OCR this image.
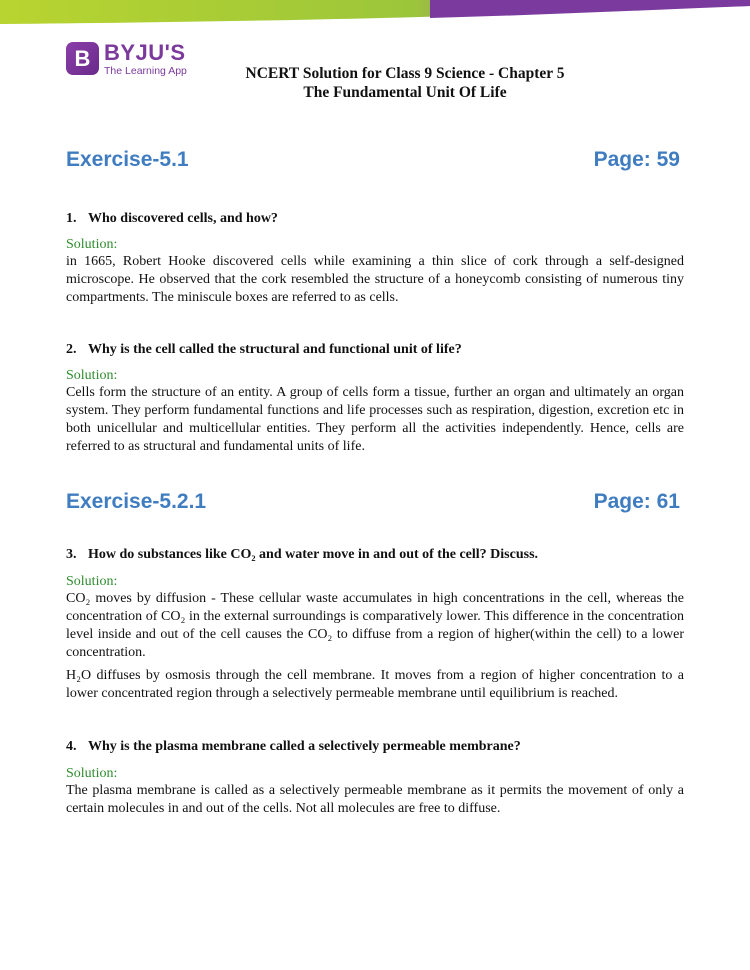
B BYJU'S
The Learning App	NCERT Solution for Class 9 Science - Chapter 5
The Fundamental Unit Of Life
Exercise-5.1	Page: 59
1. Who discovered cells, and how?
Solution:
in 1665, Robert Hooke discovered cells while examining a thin slice of cork through a self-designed microscope. He observed that the cork resembled the structure of a honeycomb consisting of numerous tiny compartments. The miniscule boxes are referred to as cells.
2. Why is the cell called the structural and functional unit of life?
Solution:
Cells form the structure of an entity. A group of cells form a tissue, further an organ and ultimately an organ system. They perform fundamental functions and life processes such as respiration, digestion, excretion etc in both unicellular and multicellular entities. They perform all the activities independently. Hence, cells are referred to as structural and fundamental units of life.
Exercise-5.2.1	Page: 61
3. How do substances like CO₂ and water move in and out of the cell? Discuss.
Solution:
CO₂ moves by diffusion - These cellular waste accumulates in high concentrations in the cell, whereas the concentration of CO₂ in the external surroundings is comparatively lower. This difference in the concentration level inside and out of the cell causes the CO₂ to diffuse from a region of higher(within the cell) to a lower concentration.
H₂O diffuses by osmosis through the cell membrane. It moves from a region of higher concentration to a lower concentrated region through a selectively permeable membrane until equilibrium is reached.
4. Why is the plasma membrane called a selectively permeable membrane?
Solution:
The plasma membrane is called as a selectively permeable membrane as it permits the movement of only a certain molecules in and out of the cells. Not all molecules are free to diffuse.
